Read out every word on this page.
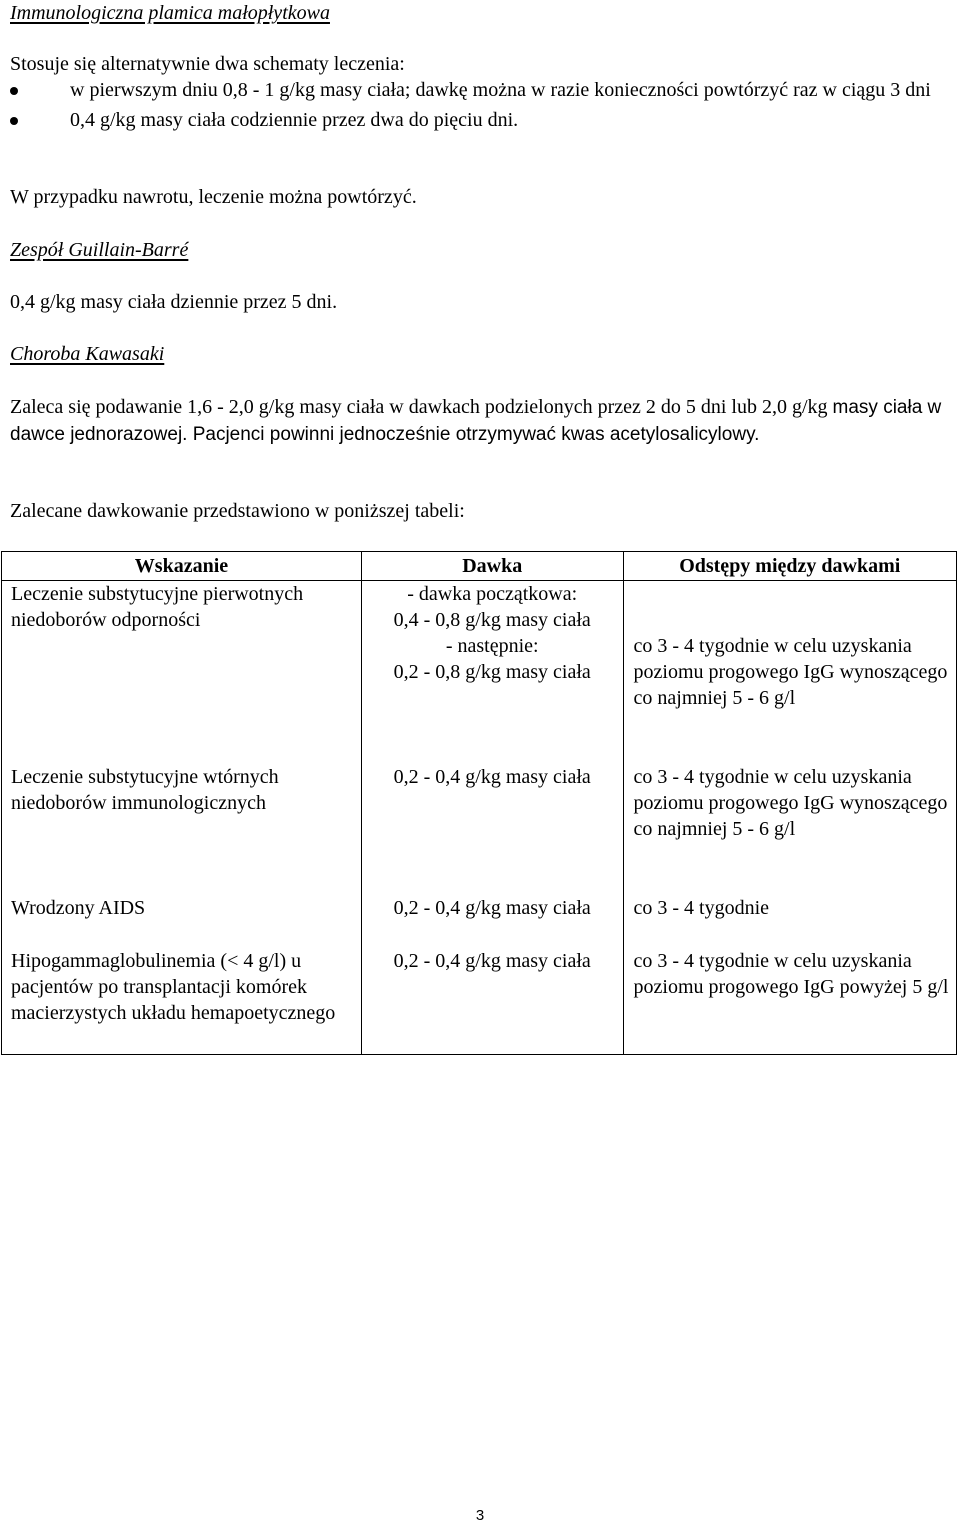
Immunologiczna plamica małopłytkowa

Stosuje się alternatywnie dwa schematy leczenia:

w pierwszym dniu 0,8 - 1 g/kg masy ciała; dawkę można w razie konieczności powtórzyć raz w ciągu 3 dni
0,4 g/kg masy ciała codziennie przez dwa do pięciu dni.

W przypadku nawrotu, leczenie można powtórzyć.

Zespół Guillain-Barré

0,4 g/kg masy ciała dziennie przez 5 dni.

Choroba Kawasaki

Zaleca się podawanie 1,6 - 2,0 g/kg masy ciała w dawkach podzielonych przez 2 do 5 dni lub 2,0 g/kg masy ciała w dawce jednorazowej. Pacjenci powinni jednocześnie otrzymywać kwas acetylosalicylowy.

Zalecane dawkowanie przedstawiono w poniższej tabeli:

Wskazanie	Dawka	Odstępy między dawkami
Leczenie substytucyjne pierwotnych niedoborów odporności	- dawka początkowa:
0,4 - 0,8 g/kg masy ciała
- następnie:
0,2 - 0,8 g/kg masy ciała	co 3 - 4 tygodnie w celu uzyskania poziomu progowego IgG wynoszącego co najmniej 5 - 6 g/l
Leczenie substytucyjne wtórnych niedoborów immunologicznych	0,2 - 0,4 g/kg masy ciała	co 3 - 4 tygodnie w celu uzyskania poziomu progowego IgG wynoszącego co najmniej 5 - 6 g/l
Wrodzony AIDS	0,2 - 0,4 g/kg masy ciała	co 3 - 4 tygodnie
Hipogammaglobulinemia (< 4 g/l) u pacjentów po transplantacji komórek macierzystych układu hemapoetycznego	0,2 - 0,4 g/kg masy ciała	co 3 - 4 tygodnie w celu uzyskania poziomu progowego IgG powyżej 5 g/l
3
